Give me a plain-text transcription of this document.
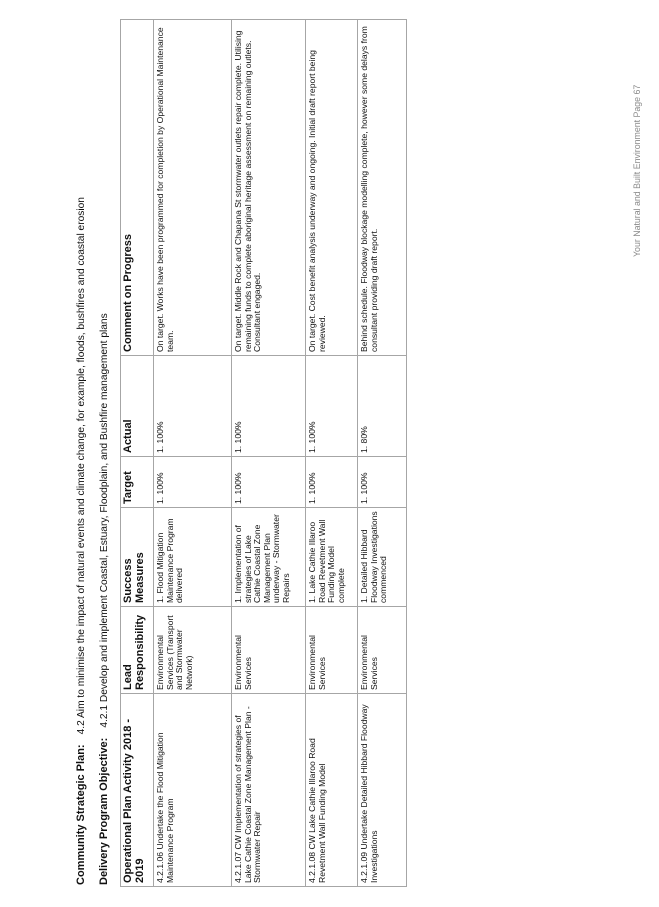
Community Strategic Plan:4.2 Aim to minimise the impact of natural events and climate change, for example, floods, bushfires and coastal erosion
Delivery Program Objective:4.2.1 Develop and implement Coastal, Estuary, Floodplain, and Bushfire management plans
Operational Plan Activity 2018 - 2019	Lead Responsibility	Success Measures	Target	Actual	Comment on Progress
4.2.1.06 Undertake the Flood Mitigation Maintenance Program	Environmental Services (Transport and Stormwater Network)	1. Flood Mitigation Maintenance Program delivered	1. 100%	1. 100%	On target. Works have been programmed for completion by Operational Maintenance team.
4.2.1.07 CW Implementation of strategies of Lake Cathie Coastal Zone Management Plan - Stormwater Repair	Environmental Services	1. Implementation of strategies of Lake Cathie Coastal Zone Management Plan underway - Stormwater Repairs	1. 100%	1. 100%	On target. Middle Rock and Chapana St stormwater outlets repair complete. Utilising remaining funds to complete aboriginal heritage assessment on remaining outlets. Consultant engaged.
4.2.1.08 CW Lake Cathie Illaroo Road Revetment Wall Funding Model	Environmental Services	1. Lake Cathie Illaroo Road Revetment Wall Funding Model complete	1. 100%	1. 100%	On target. Cost benefit analysis underway and ongoing. Initial draft report being reviewed.
4.2.1.09 Undertake Detailed Hibbard Floodway Investigations	Environmental Services	1. Detailed Hibbard Floodway Investigations commenced	1. 100%	1. 80%	Behind schedule. Floodway blockage modelling complete, however some delays from consultant providing draft report.
Your Natural and Built Environment Page 67
